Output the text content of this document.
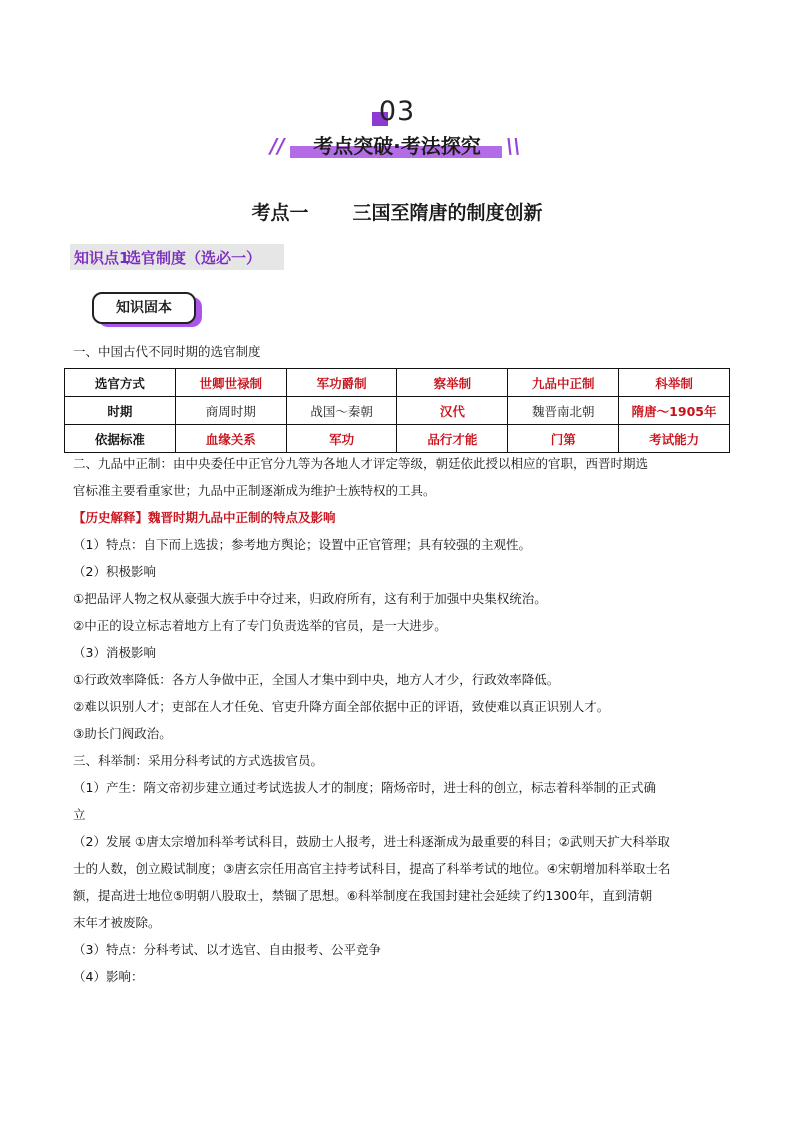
03
//	考点突破·考法探究	\\
考点一 三国至隋唐的制度创新
知识点1
选官制度（选必一）
知识固本
一、中国古代不同时期的选官制度
选官方式	世卿世禄制	军功爵制	察举制	九品中正制	科举制
时期	商周时期	战国～秦朝	汉代	魏晋南北朝	隋唐～1905年
依据标准	血缘关系	军功	品行才能	门第	考试能力
二、九品中正制：由中央委任中正官分九等为各地人才评定等级，朝廷依此授以相应的官职，西晋时期选
官标准主要看重家世；九品中正制逐渐成为维护士族特权的工具。
【历史解释】魏晋时期九品中正制的特点及影响
（1）特点：自下而上选拔；参考地方舆论；设置中正官管理；具有较强的主观性。
（2）积极影响
①把品评人物之权从豪强大族手中夺过来，归政府所有，这有利于加强中央集权统治。
②中正的设立标志着地方上有了专门负责选举的官员，是一大进步。
（3）消极影响
①行政效率降低：各方人争做中正，全国人才集中到中央，地方人才少，行政效率降低。
②难以识别人才；吏部在人才任免、官吏升降方面全部依据中正的评语，致使难以真正识别人才。
③助长门阀政治。
三、科举制：采用分科考试的方式选拔官员。
（1）产生：隋文帝初步建立通过考试选拔人才的制度；隋炀帝时，进士科的创立，标志着科举制的正式确
立
（2）发展 ①唐太宗增加科举考试科目，鼓励士人报考，进士科逐渐成为最重要的科目；②武则天扩大科举取
士的人数，创立殿试制度；③唐玄宗任用高官主持考试科目，提高了科举考试的地位。④宋朝增加科举取士名
额，提高进士地位⑤明朝八股取士，禁锢了思想。⑥科举制度在我国封建社会延续了约1300年，直到清朝
末年才被废除。
（3）特点：分科考试、以才选官、自由报考、公平竞争
（4）影响：
